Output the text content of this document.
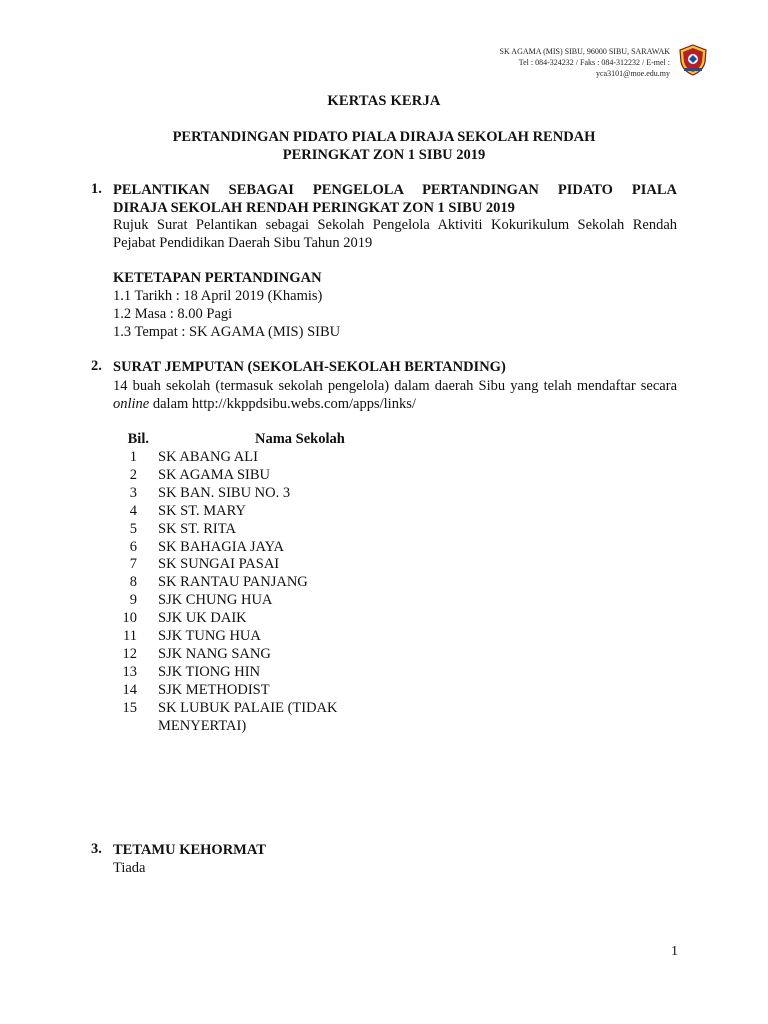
SK AGAMA (MIS) SIBU, 96000 SIBU, SARAWAK
Tel : 084-324232 / Faks : 084-312232 / E-mel :
yca3101@moe.edu.my
KERTAS KERJA
PERTANDINGAN PIDATO PIALA DIRAJA SEKOLAH RENDAH
PERINGKAT ZON 1 SIBU 2019
1. PELANTIKAN SEBAGAI PENGELOLA PERTANDINGAN PIDATO PIALA
DIRAJA SEKOLAH RENDAH PERINGKAT ZON 1 SIBU 2019
Rujuk Surat Pelantikan sebagai Sekolah Pengelola Aktiviti Kokurikulum Sekolah Rendah
Pejabat Pendidikan Daerah Sibu Tahun 2019
KETETAPAN PERTANDINGAN
1.1 Tarikh : 18 April 2019 (Khamis)
1.2 Masa : 8.00 Pagi
1.3 Tempat : SK AGAMA (MIS) SIBU
2. SURAT JEMPUTAN (SEKOLAH-SEKOLAH BERTANDING)
14 buah sekolah (termasuk sekolah pengelola) dalam daerah Sibu yang telah mendaftar secara
online dalam http://kkppdsibu.webs.com/apps/links/
Bil.	Nama Sekolah
1 SK ABANG ALI
2 SK AGAMA SIBU
3 SK BAN. SIBU NO. 3
4 SK ST. MARY
5 SK ST. RITA
6 SK BAHAGIA JAYA
7 SK SUNGAI PASAI
8 SK RANTAU PANJANG
9 SJK CHUNG HUA
10 SJK UK DAIK
11 SJK TUNG HUA
12 SJK NANG SANG
13 SJK TIONG HIN
14 SJK METHODIST
15 SK LUBUK PALAIE (TIDAK MENYERTAI)
3. TETAMU KEHORMAT
Tiada
1
